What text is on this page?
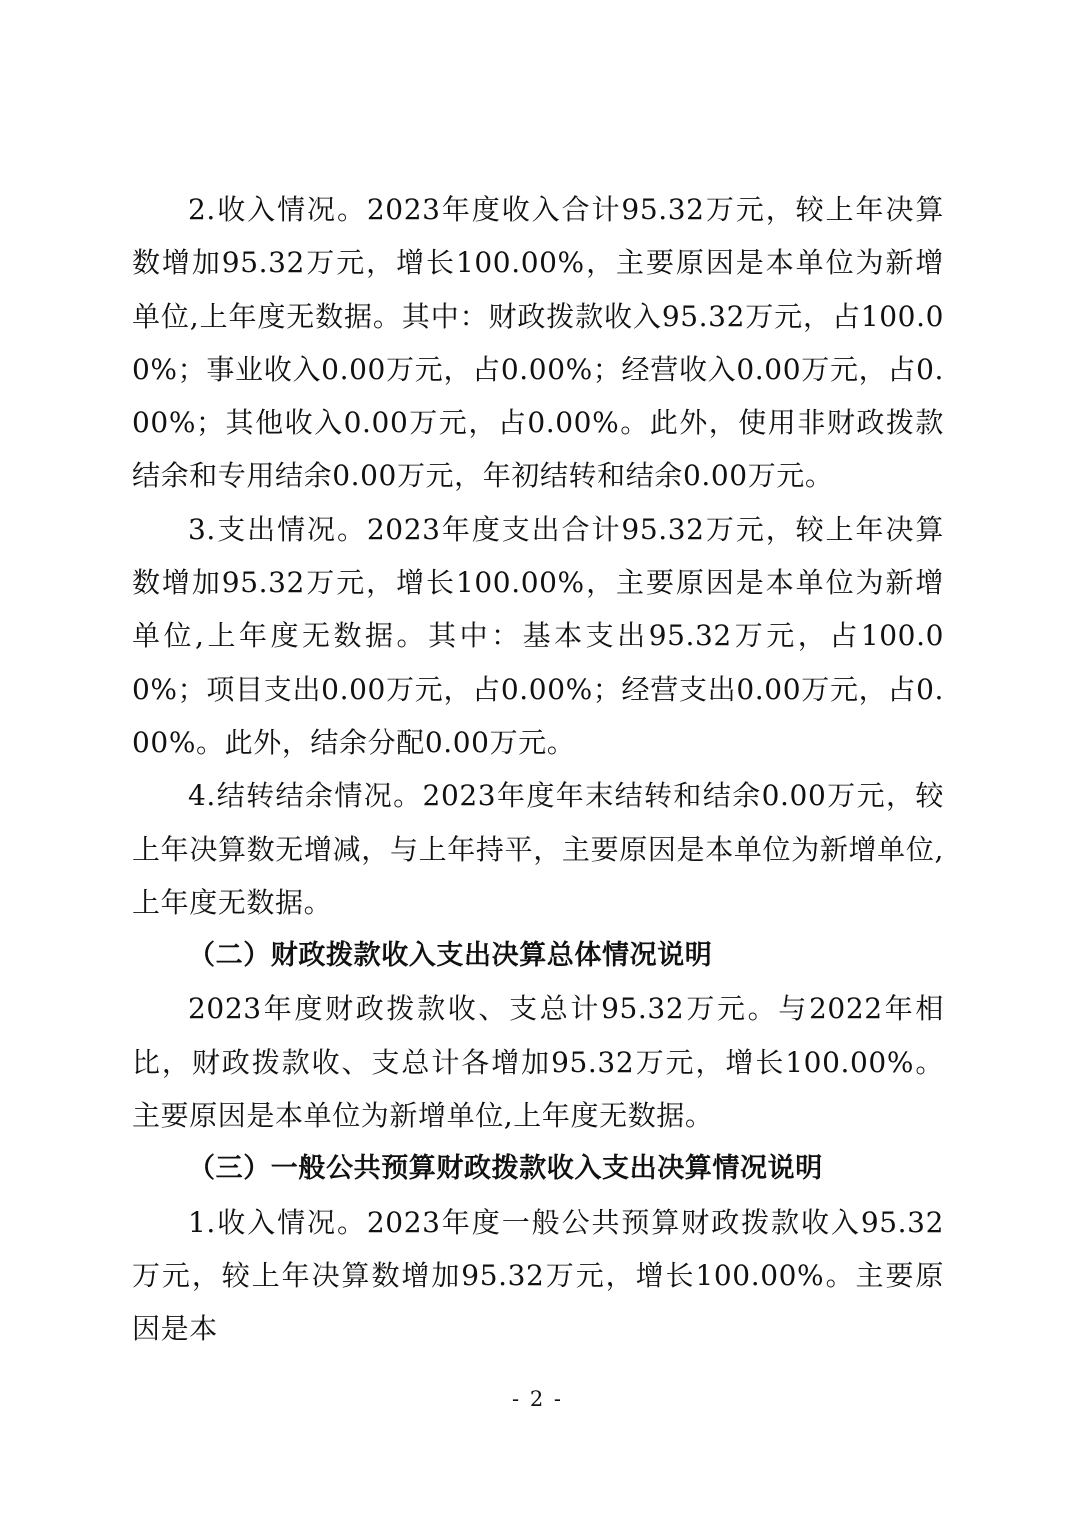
2.收入情况。2023年度收入合计95.32万元，较上年决算数增加95.32万元，增长100.00%，主要原因是本单位为新增单位,上年度无数据。其中：财政拨款收入95.32万元，占100.00%；事业收入0.00万元，占0.00%；经营收入0.00万元，占0.00%；其他收入0.00万元，占0.00%。此外，使用非财政拨款结余和专用结余0.00万元，年初结转和结余0.00万元。

3.支出情况。2023年度支出合计95.32万元，较上年决算数增加95.32万元，增长100.00%，主要原因是本单位为新增单位,上年度无数据。其中：基本支出95.32万元，占100.00%；项目支出0.00万元，占0.00%；经营支出0.00万元，占0.00%。此外，结余分配0.00万元。

4.结转结余情况。2023年度年末结转和结余0.00万元，较上年决算数无增减，与上年持平，主要原因是本单位为新增单位,上年度无数据。

（二）财政拨款收入支出决算总体情况说明

2023年度财政拨款收、支总计95.32万元。与2022年相比，财政拨款收、支总计各增加95.32万元，增长100.00%。主要原因是本单位为新增单位,上年度无数据。

（三）一般公共预算财政拨款收入支出决算情况说明

1.收入情况。2023年度一般公共预算财政拨款收入95.32万元，较上年决算数增加95.32万元，增长100.00%。主要原因是本

- 2 -
